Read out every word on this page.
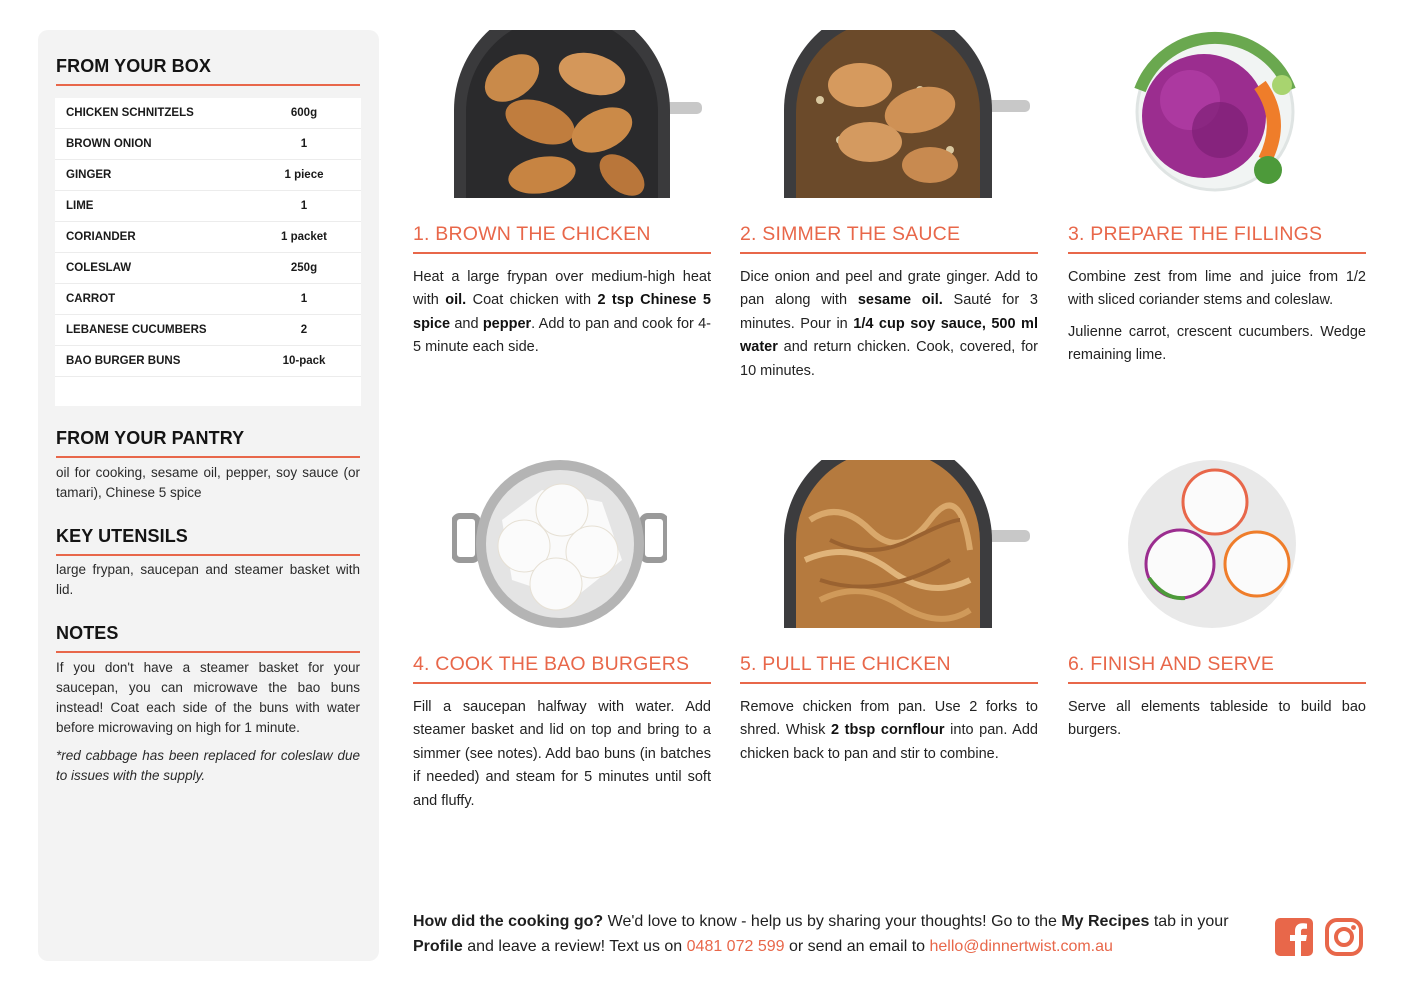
FROM YOUR BOX
CHICKEN SCHNITZELS	600g
BROWN ONION	1
GINGER	1 piece
LIME	1
CORIANDER	1 packet
COLESLAW	250g
CARROT	1
LEBANESE CUCUMBERS	2
BAO BURGER BUNS	10-pack
FROM YOUR PANTRY
oil for cooking, sesame oil, pepper, soy sauce (or tamari), Chinese 5 spice
KEY UTENSILS
large frypan, saucepan and steamer basket with lid.
NOTES
If you don't have a steamer basket for your saucepan, you can microwave the bao buns instead! Coat each side of the buns with water before microwaving on high for 1 minute.
*red cabbage has been replaced for coleslaw due to issues with the supply.
1. BROWN THE CHICKEN
Heat a large frypan over medium-high heat with oil. Coat chicken with 2 tsp Chinese 5 spice and pepper. Add to pan and cook for 4-5 minute each side.
2. SIMMER THE SAUCE
Dice onion and peel and grate ginger. Add to pan along with sesame oil. Sauté for 3 minutes. Pour in 1/4 cup soy sauce, 500 ml water and return chicken. Cook, covered, for 10 minutes.
3. PREPARE THE FILLINGS

Combine zest from lime and juice from 1/2 with sliced coriander stems and coleslaw.

Julienne carrot, crescent cucumbers. Wedge remaining lime.

4. COOK THE BAO BURGERS
Fill a saucepan halfway with water. Add steamer basket and lid on top and bring to a simmer (see notes). Add bao buns (in batches if needed) and steam for 5 minutes until soft and fluffy.
5. PULL THE CHICKEN
Remove chicken from pan. Use 2 forks to shred. Whisk 2 tbsp cornflour into pan. Add chicken back to pan and stir to combine.
6. FINISH AND SERVE
Serve all elements tableside to build bao burgers.
How did the cooking go? We'd love to know - help us by sharing your thoughts! Go to the My Recipes tab in your Profile and leave a review! Text us on 0481 072 599 or send an email to hello@dinnertwist.com.au
